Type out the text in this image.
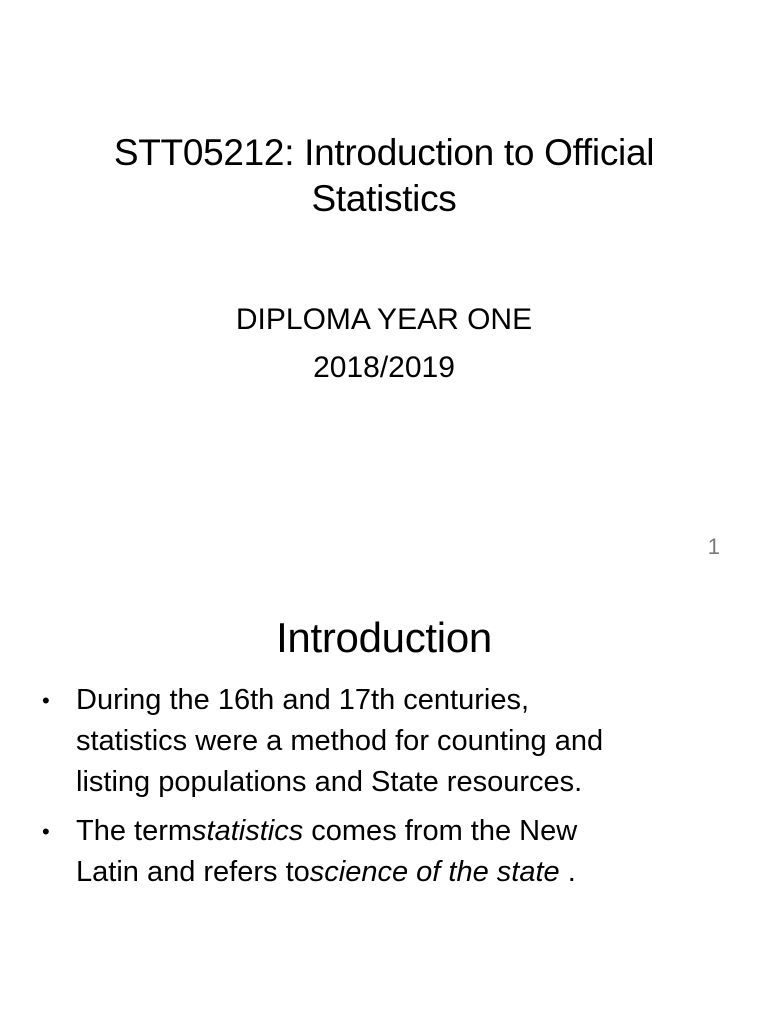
STT05212: Introduction to Official
Statistics
DIPLOMA YEAR ONE
2018/2019
1
Introduction
• During the 16th and 17th centuries,
statistics were a method for counting and
listing populations and State resources.
• The termstatistics comes from the New
Latin and refers toscience of the state .
